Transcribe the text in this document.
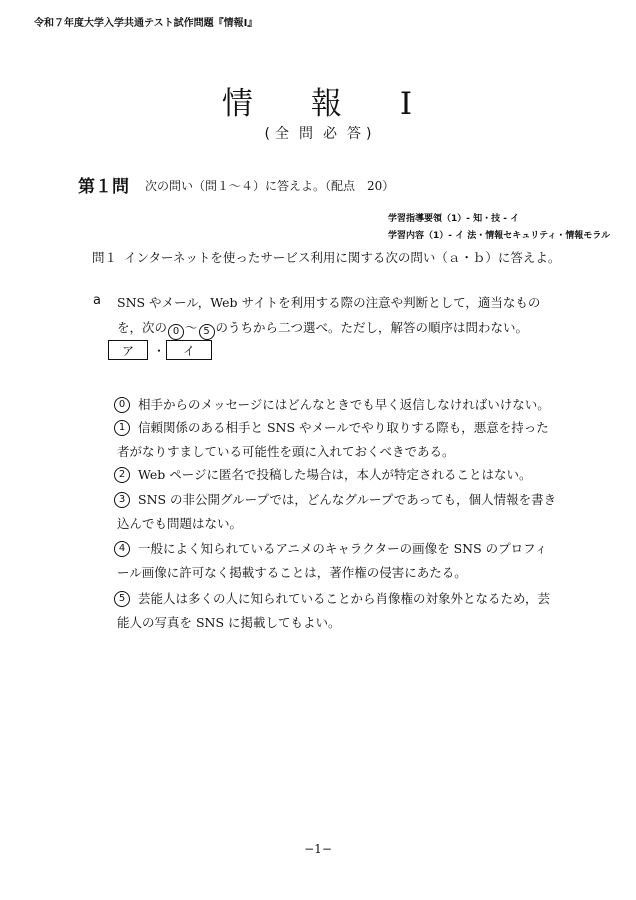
令和７年度大学入学共通テスト試作問題『情報Ⅰ』
情 報 Ⅰ
( 全 問 必 答 )
第１問 次の問い（問１～４）に答えよ。（配点　20）
学習指導要領（1）- 知・技 - イ
学習内容（1）- イ 法・情報セキュリティ・情報モラル
問１ インターネットを使ったサービス利用に関する次の問い（ａ・ｂ）に答えよ。
a SNS やメール，Web サイトを利用する際の注意や判断として，適当なもの
を，次の 0 ～ 5 のうちから二つ選べ。ただし，解答の順序は問わない。
ア	・	イ
0	相手からのメッセージにはどんなときでも早く返信しなければいけない。
1	信頼関係のある相手と SNS やメールでやり取りする際も，悪意を持った
者がなりすましている可能性を頭に入れておくべきである。
2	Web ページに匿名で投稿した場合は，本人が特定されることはない。
3	SNS の非公開グループでは，どんなグループであっても，個人情報を書き
込んでも問題はない。
4	一般によく知られているアニメのキャラクターの画像を SNS のプロフィ
ール画像に許可なく掲載することは，著作権の侵害にあたる。
5	芸能人は多くの人に知られていることから肖像権の対象外となるため，芸
能人の写真を SNS に掲載してもよい。
−1−
